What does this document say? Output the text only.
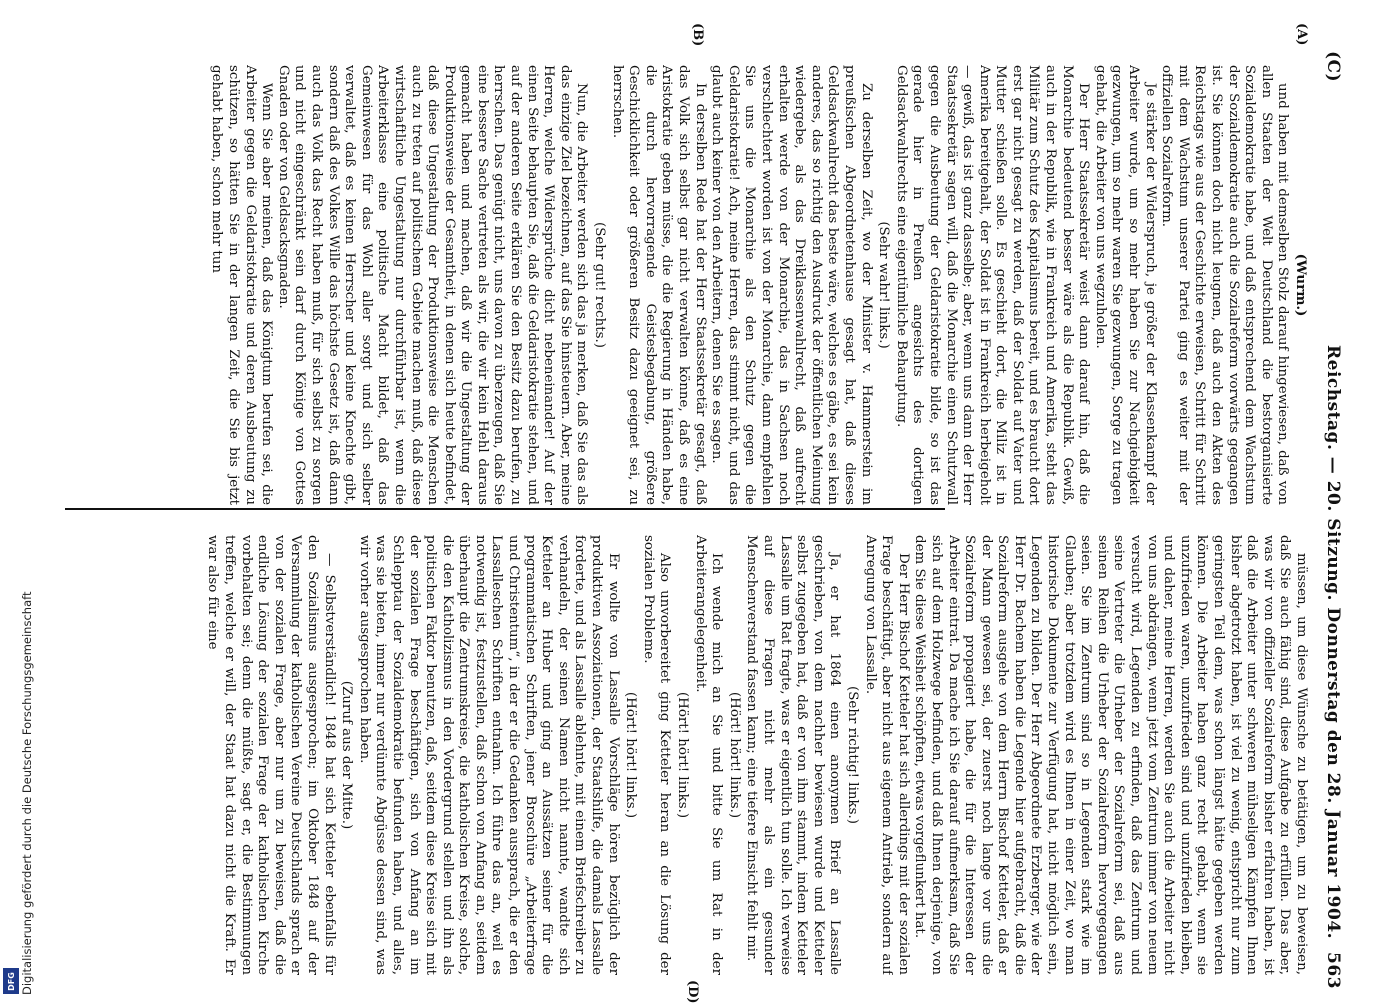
(C)
Reichstag. — 20. Sitzung. Donnerstag den 28. Januar 1904.
563
(A)
(B)
(D)

(Wurm.)

und haben mit demselben Stolz darauf hingewiesen, daß von allen Staaten der Welt Deutschland die bestorganisierte Sozialdemokratie habe, und daß entsprechend dem Wachstum der Sozialdemokratie auch die Sozialreform vorwärts gegangen ist. Sie können doch nicht leugnen, daß auch den Akten des Reichstags wie aus der Geschichte erweisen, Schritt für Schritt mit dem Wachstum unserer Partei ging es weiter mit der offiziellen Sozialreform.

Je stärker der Widerspruch, je größer der Klassenkampf der Arbeiter wurde, um so mehr haben Sie zur Nachgiebigkeit gezwungen, um so mehr waren Sie gezwungen, Sorge zu tragen gehabt, die Arbeiter von uns wegzuholen.

Der Herr Staatssekretär weist dann darauf hin, daß die Monarchie bedeutend besser wäre als die Republik. Gewiß, auch in der Republik, wie in Frankreich und Amerika, steht das Militär zum Schutz des Kapitalismus bereit, und es braucht dort erst gar nicht gesagt zu werden, daß der Soldat auf Vater und Mutter schießen solle. Es geschieht dort, die Miliz ist in Amerika bereitgehalt, der Soldat ist in Frankreich herbeigeholt — gewiß, das ist ganz dasselbe; aber, wenn uns dann der Herr Staatssekretär sagen will, daß die Monarchie einen Schutzwall gegen die Ausbeutung der Geldaristokratie bilde, so ist das gerade hier in Preußen angesichts des dortigen Geldsackwahlrechts eine eigentümliche Behauptung.

(Sehr wahr! links.)

Zu derselben Zeit, wo der Minister v. Hammerstein im preußischen Abgeordnetenhause gesagt hat, daß dieses Geldsackwahlrecht das beste wäre, welches es gäbe, es sei kein anderes, das so richtig den Ausdruck der öffentlichen Meinung wiedergebe, als das Dreiklassenwahlrecht, daß aufrecht erhalten werde von der Monarchie, das in Sachsen noch verschlechtert worden ist von der Monarchie, dann empfehlen Sie uns die Monarchie als den Schutz gegen die Geldaristokratie! Ach, meine Herren, das stimmt nicht, und das glaubt auch keiner von den Arbeitern, denen Sie es sagen.

In derselben Rede hat der Herr Staatssekretär gesagt, daß das Volk sich selbst gar nicht verwalten könne, daß es eine Aristokratie geben müsse, die die Regierung in Händen habe, die durch hervorragende Geistesbegabung, größere Geschicklichkeit oder größeren Besitz dazu geeignet sei, zu herrschen.

(Sehr gut! rechts.)

Nun, die Arbeiter werden sich das ja merken, daß Sie das als das einzige Ziel bezeichnen, auf das Sie hinsteuern. Aber, meine Herren, welche Widersprüche dicht nebeneinander! Auf der einen Seite behaupten Sie, daß die Geldaristokratie stehen, und auf der anderen Seite erklären Sie den Besitz dazu berufen, zu herrschen. Das genügt nicht, uns davon zu überzeugen, daß Sie eine bessere Sache vertreten als wir, die wir kein Hehl daraus gemacht haben und machen, daß wir die Ungestaltung der Produktionsweise der Gesamtheit, in denen sich heute befindet, daß diese Ungestaltung der Produktionsweise die Menschen auch zu treten auf politischem Gebiete machen muß, daß diese wirtschaftliche Ungestaltung nur durchführbar ist, wenn die Arbeiterklasse eine politische Macht bildet, daß das Gemeinwesen für das Wohl aller sorgt und sich selber verwaltet, daß es keinen Herrscher und keine Knechte gibt, sondern daß des Volkes Wille das höchste Gesetz ist, daß dann auch das Volk das Recht haben muß, für sich selbst zu sorgen und nicht eingeschränkt sein darf durch Könige von Gottes Gnaden oder von Geldsacksgnaden.

Wenn Sie aber meinen, daß das Königtum berufen sei, die Arbeiter gegen die Geldaristokratie und deren Ausbeutung zu schützen, so hätten Sie in der langen Zeit, die Sie bis jetzt gehabt haben, schon mehr tun

müssen, um diese Wünsche zu betätigen, um zu beweisen, daß Sie auch fähig sind, diese Aufgabe zu erfüllen. Das aber, was wir von offizieller Sozialreform bisher erfahren haben, ist daß die Arbeiter unter schweren mühseligen Kämpfen Ihnen bisher abgetrotzt haben, ist viel zu wenig, entspricht nur zum geringsten Teil dem, was schon längst hätte gegeben werden können. Die Arbeiter haben ganz recht gehabt, wenn sie unzufrieden waren, unzufrieden sind und unzufrieden bleiben, und daher, meine Herren, werden Sie auch die Arbeiter nicht von uns abdrängen, wenn jetzt vom Zentrum immer von neuem versucht wird, Legenden zu erfinden, daß das Zentrum und seine Vertreter die Urheber der Sozialreform sei, daß aus seinen Reihen die Urheber der Sozialreform hervorgegangen seien. Sie im Zentrum sind so in Legenden stark wie im Glauben; aber trotzdem wird es Ihnen in einer Zeit, wo man historische Dokumente zur Verfügung hat, nicht möglich sein, Legenden zu bilden. Der Herr Abgeordnete Erzberger, wie der Herr Dr. Bachem haben die Legende hier aufgebracht, daß die Sozialreform ausgehe von dem Herrn Bischof Ketteler, daß er der Mann gewesen sei, der zuerst noch lange vor uns die Sozialreform propagiert habe, die für die Interessen der Arbeiter eintrat. Da mache ich Sie darauf aufmerksam, daß Sie sich auf dem Holzwege befinden, und daß Ihnen derjenige, von dem Sie diese Weisheit schöpften, etwas vorgeflunkert hat.

Der Herr Bischof Ketteler hat sich allerdings mit der sozialen Frage beschäftigt, aber nicht aus eigenem Antrieb, sondern auf Anregung von Lassalle.

(Sehr richtig! links.)

Ja, er hat 1864 einen anonymen Brief an Lassalle geschrieben, von dem nachher bewiesen wurde und Ketteler selbst zugegeben hat, daß er von ihm stammt, indem Ketteler Lassalle um Rat fragte, was er eigentlich tun solle. Ich verweise auf diese Fragen nicht mehr als ein gesunder Menschenverstand fassen kann; eine tiefere Einsicht fehlt mir.

(Hört! hört! links.)

Ich wende mich an Sie und bitte Sie um Rat in der Arbeiterangelegenheit.

(Hört! hört! links.)

Also unvorbereitet ging Ketteler heran an die Lösung der sozialen Probleme.

(Hört! hört! links.)

Er wollte von Lassalle Vorschläge hören bezüglich der produktiven Assoziationen, der Staatshilfe, die damals Lassalle forderte, und als Lassalle ablehnte, mit einem Briefschreiber zu verhandeln, der seinen Namen nicht nannte, wandte sich Ketteler an Huber und ging an Aussätzen seiner für die programmatischen Schriften, jener Broschüre „Arbeiterfrage und Christentum“, in der er die Gedanken aussprach, die er den Lassalleschen Schriften entnahm. Ich führe das an, weil es notwendig ist, festzustellen, daß schon von Anfang an, seitdem überhaupt die Zentrumskreise, die katholischen Kreise, solche, die den Katholizismus in den Vordergrund stellen und ihn als politischen Faktor benutzen, daß, seitdem diese Kreise sich mit der sozialen Frage beschäftigen, sich von Anfang an im Schlepptau der Sozialdemokratie befunden haben, und alles, was sie bieten, immer nur verdünnte Abgüsse dessen sind, was wir vorher ausgesprochen haben.

(Zuruf aus der Mitte.)

— Selbstverständlich! 1848 hat sich Ketteler ebenfalls für den Sozialismus ausgesprochen; im Oktober 1848 auf der Versammlung der katholischen Vereine Deutschlands sprach er von der sozialen Frage, aber nur um zu beweisen, daß die endliche Lösung der sozialen Frage der katholischen Kirche vorbehalten sei; denn die müßte, sagt er, die Bestimmungen treffen, welche er will, der Staat hat dazu nicht die Kraft. Er war also für eine

Digitalisierung gefördert durch die Deutsche Forschungsgemeinschaft
DFG
